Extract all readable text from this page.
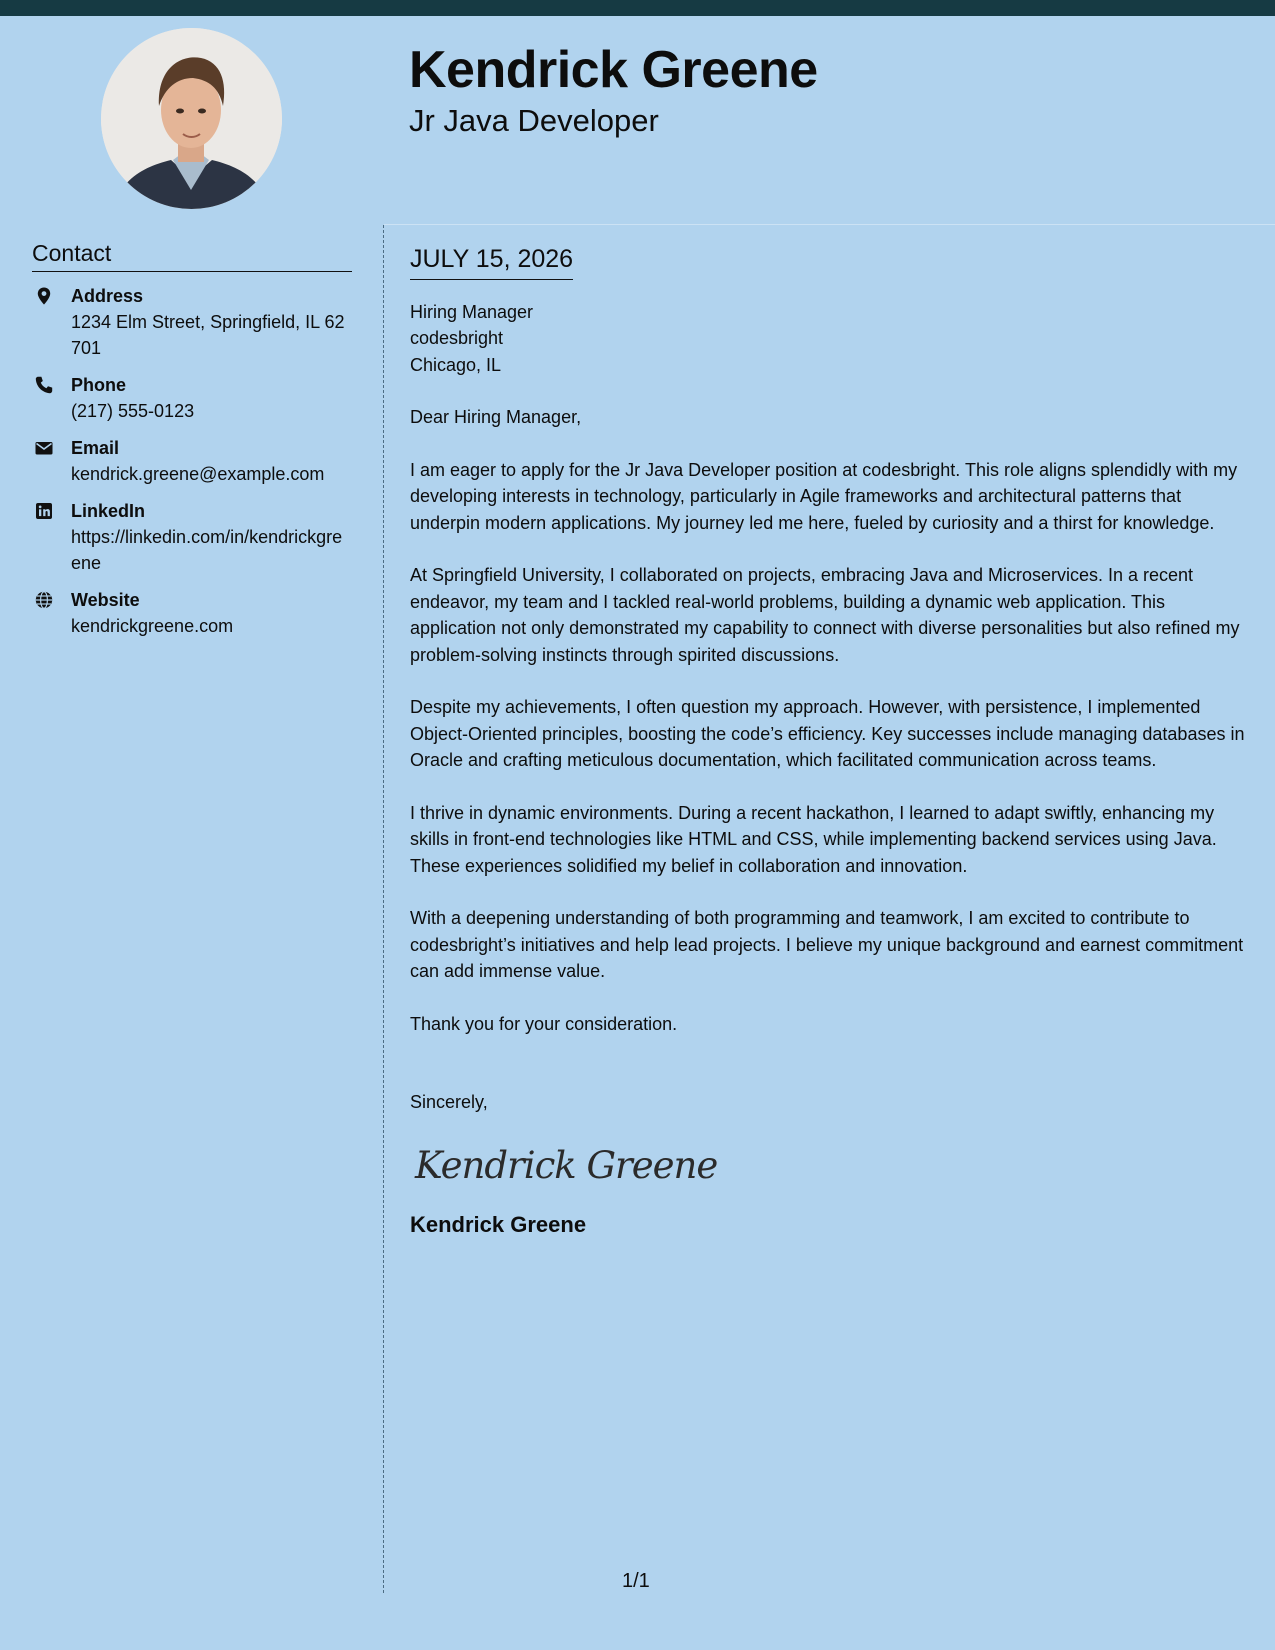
Kendrick Greene
Jr Java Developer
Contact
Address
1234 Elm Street, Springfield, IL 62701
Phone
(217) 555-0123
Email
kendrick.greene@example.com
LinkedIn
https://linkedin.com/in/kendrickgreene
Website
kendrickgreene.com
JULY 15, 2026
Hiring Manager
codesbright
Chicago, IL
Dear Hiring Manager,

I am eager to apply for the Jr Java Developer position at codesbright. This role aligns splendidly with my developing interests in technology, particularly in Agile frameworks and architectural patterns that underpin modern applications. My journey led me here, fueled by curiosity and a thirst for knowledge.

At Springfield University, I collaborated on projects, embracing Java and Microservices. In a recent endeavor, my team and I tackled real-world problems, building a dynamic web application. This application not only demonstrated my capability to connect with diverse personalities but also refined my problem-solving instincts through spirited discussions.

Despite my achievements, I often question my approach. However, with persistence, I implemented Object-Oriented principles, boosting the code’s efficiency. Key successes include managing databases in Oracle and crafting meticulous documentation, which facilitated communication across teams.

I thrive in dynamic environments. During a recent hackathon, I learned to adapt swiftly, enhancing my skills in front-end technologies like HTML and CSS, while implementing backend services using Java. These experiences solidified my belief in collaboration and innovation.

With a deepening understanding of both programming and teamwork, I am excited to contribute to codesbright’s initiatives and help lead projects. I believe my unique background and earnest commitment can add immense value.

Thank you for your consideration.

Sincerely,
Kendrick Greene
Kendrick Greene
1/1
